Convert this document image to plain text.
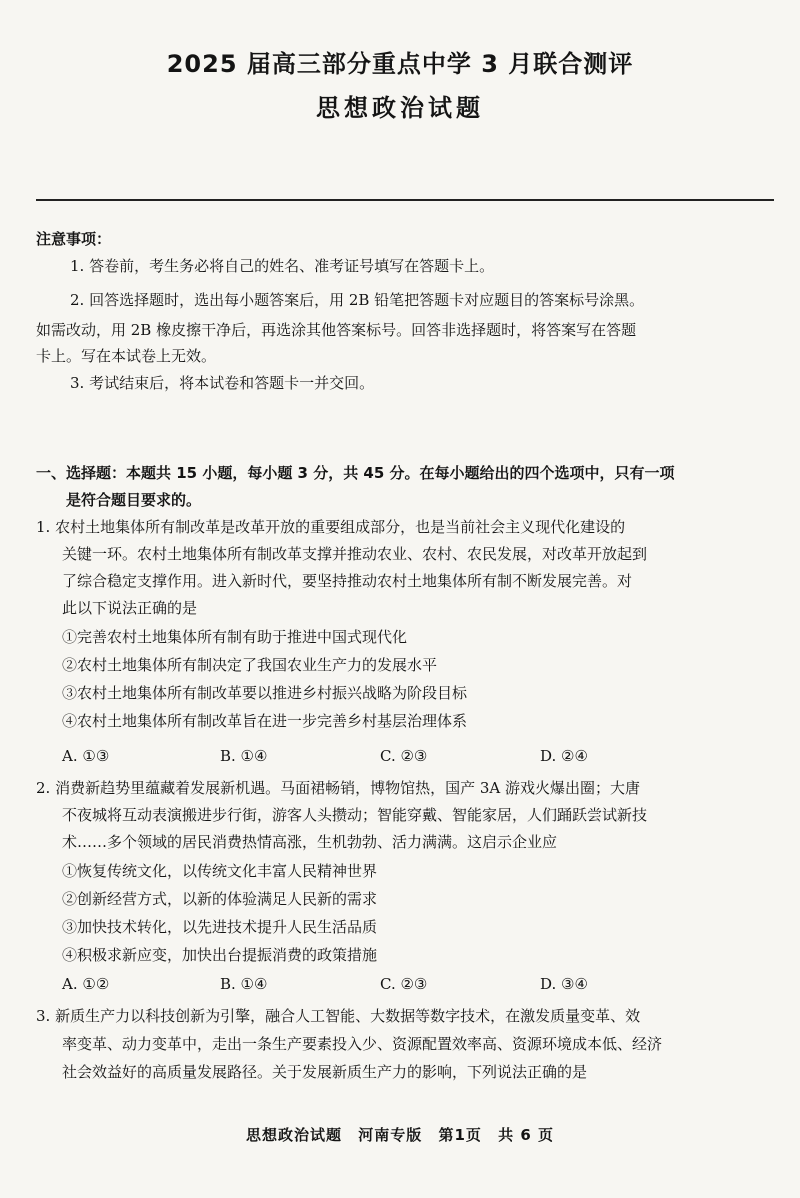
2025 届高三部分重点中学 3 月联合测评
思想政治试题
注意事项：
1. 答卷前，考生务必将自己的姓名、准考证号填写在答题卡上。
2. 回答选择题时，选出每小题答案后，用 2B 铅笔把答题卡对应题目的答案标号涂黑。
如需改动，用 2B 橡皮擦干净后，再选涂其他答案标号。回答非选择题时，将答案写在答题
卡上。写在本试卷上无效。
3. 考试结束后，将本试卷和答题卡一并交回。
一、选择题：本题共 15 小题，每小题 3 分，共 45 分。在每小题给出的四个选项中，只有一项
是符合题目要求的。
1. 农村土地集体所有制改革是改革开放的重要组成部分，也是当前社会主义现代化建设的
关键一环。农村土地集体所有制改革支撑并推动农业、农村、农民发展，对改革开放起到
了综合稳定支撑作用。进入新时代，要坚持推动农村土地集体所有制不断发展完善。对
此以下说法正确的是
①完善农村土地集体所有制有助于推进中国式现代化
②农村土地集体所有制决定了我国农业生产力的发展水平
③农村土地集体所有制改革要以推进乡村振兴战略为阶段目标
④农村土地集体所有制改革旨在进一步完善乡村基层治理体系
A. ①③	B. ①④	C. ②③	D. ②④
2. 消费新趋势里蕴藏着发展新机遇。马面裙畅销，博物馆热，国产 3A 游戏火爆出圈；大唐
不夜城将互动表演搬进步行街，游客人头攒动；智能穿戴、智能家居，人们踊跃尝试新技
术……多个领域的居民消费热情高涨，生机勃勃、活力满满。这启示企业应
①恢复传统文化，以传统文化丰富人民精神世界
②创新经营方式，以新的体验满足人民新的需求
③加快技术转化，以先进技术提升人民生活品质
④积极求新应变，加快出台提振消费的政策措施
A. ①②	B. ①④	C. ②③	D. ③④
3. 新质生产力以科技创新为引擎，融合人工智能、大数据等数字技术，在激发质量变革、效
率变革、动力变革中，走出一条生产要素投入少、资源配置效率高、资源环境成本低、经济
社会效益好的高质量发展路径。关于发展新质生产力的影响，下列说法正确的是
思想政治试题 河南专版 第1页 共 6 页
